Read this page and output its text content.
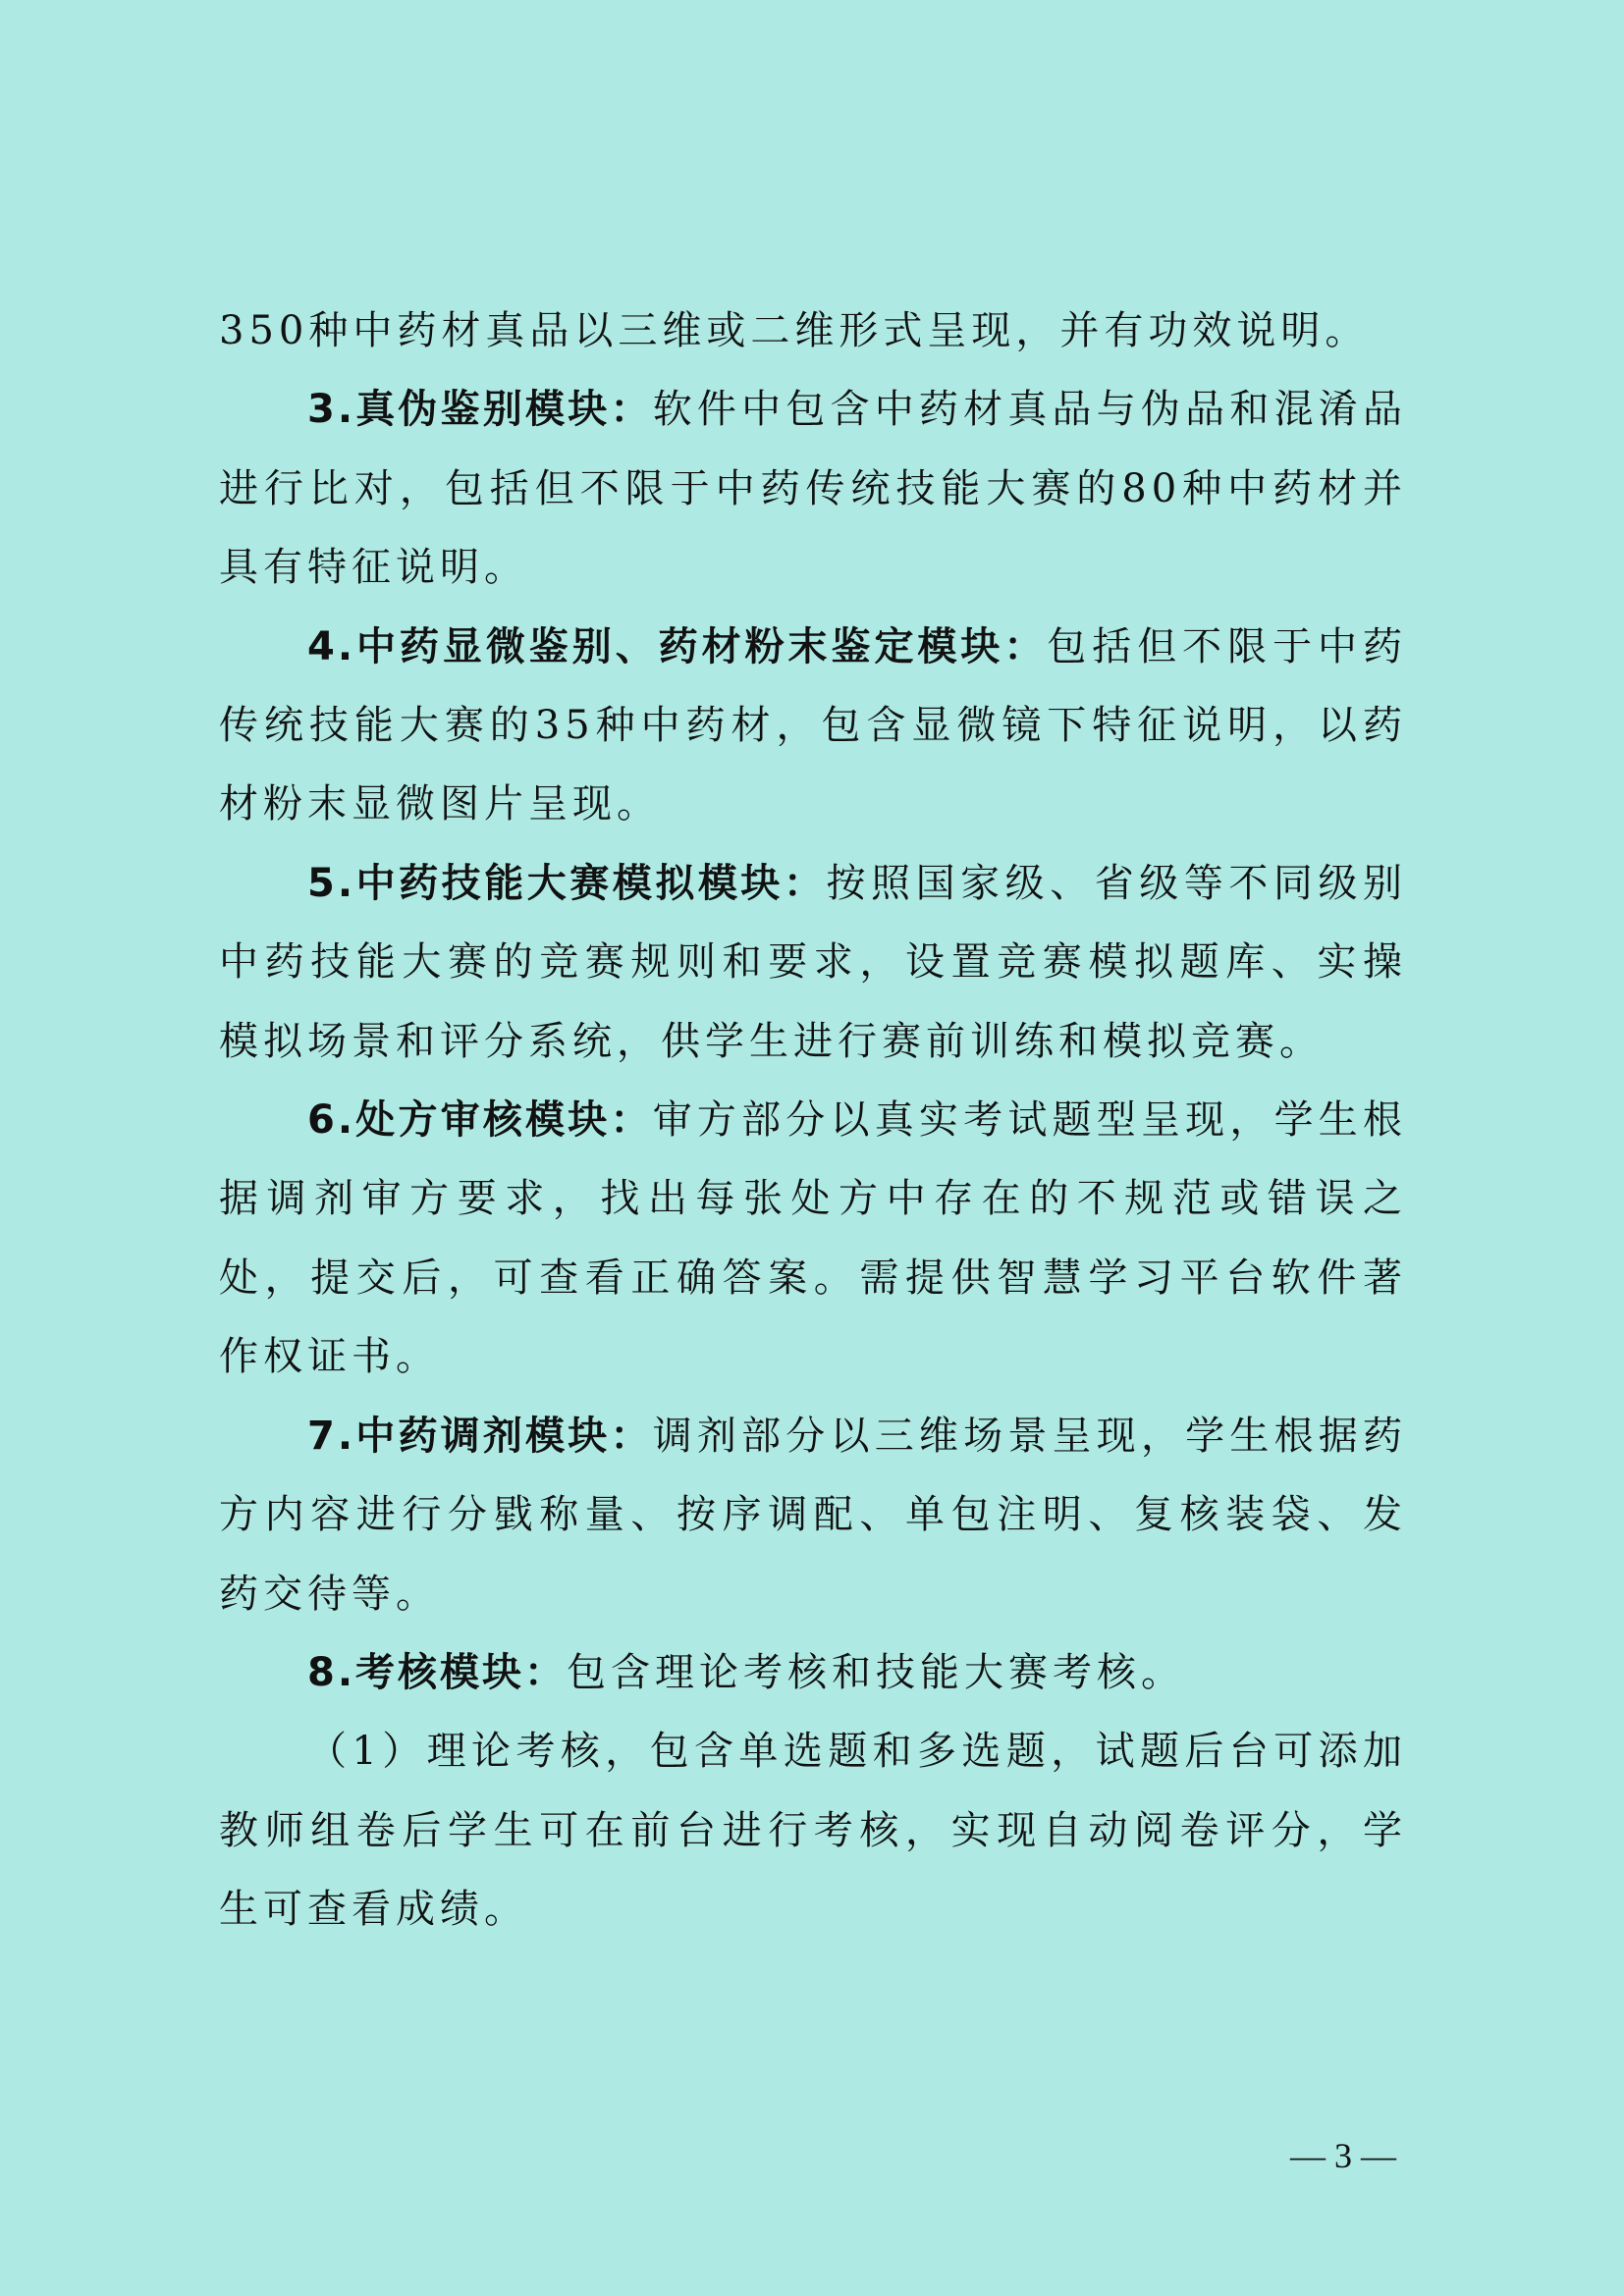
350种中药材真品以三维或二维形式呈现，并有功效说明。

3.真伪鉴别模块：软件中包含中药材真品与伪品和混淆品进行比对，包括但不限于中药传统技能大赛的80种中药材并具有特征说明。

4.中药显微鉴别、药材粉末鉴定模块：包括但不限于中药传统技能大赛的35种中药材，包含显微镜下特征说明，以药材粉末显微图片呈现。

5.中药技能大赛模拟模块：按照国家级、省级等不同级别中药技能大赛的竞赛规则和要求，设置竞赛模拟题库、实操模拟场景和评分系统，供学生进行赛前训练和模拟竞赛。

6.处方审核模块：审方部分以真实考试题型呈现，学生根据调剂审方要求，找出每张处方中存在的不规范或错误之处，提交后，可查看正确答案。需提供智慧学习平台软件著作权证书。

7.中药调剂模块：调剂部分以三维场景呈现，学生根据药方内容进行分戥称量、按序调配、单包注明、复核装袋、发药交待等。

8.考核模块：包含理论考核和技能大赛考核。

（1）理论考核，包含单选题和多选题，试题后台可添加教师组卷后学生可在前台进行考核，实现自动阅卷评分，学生可查看成绩。

— 3 —
